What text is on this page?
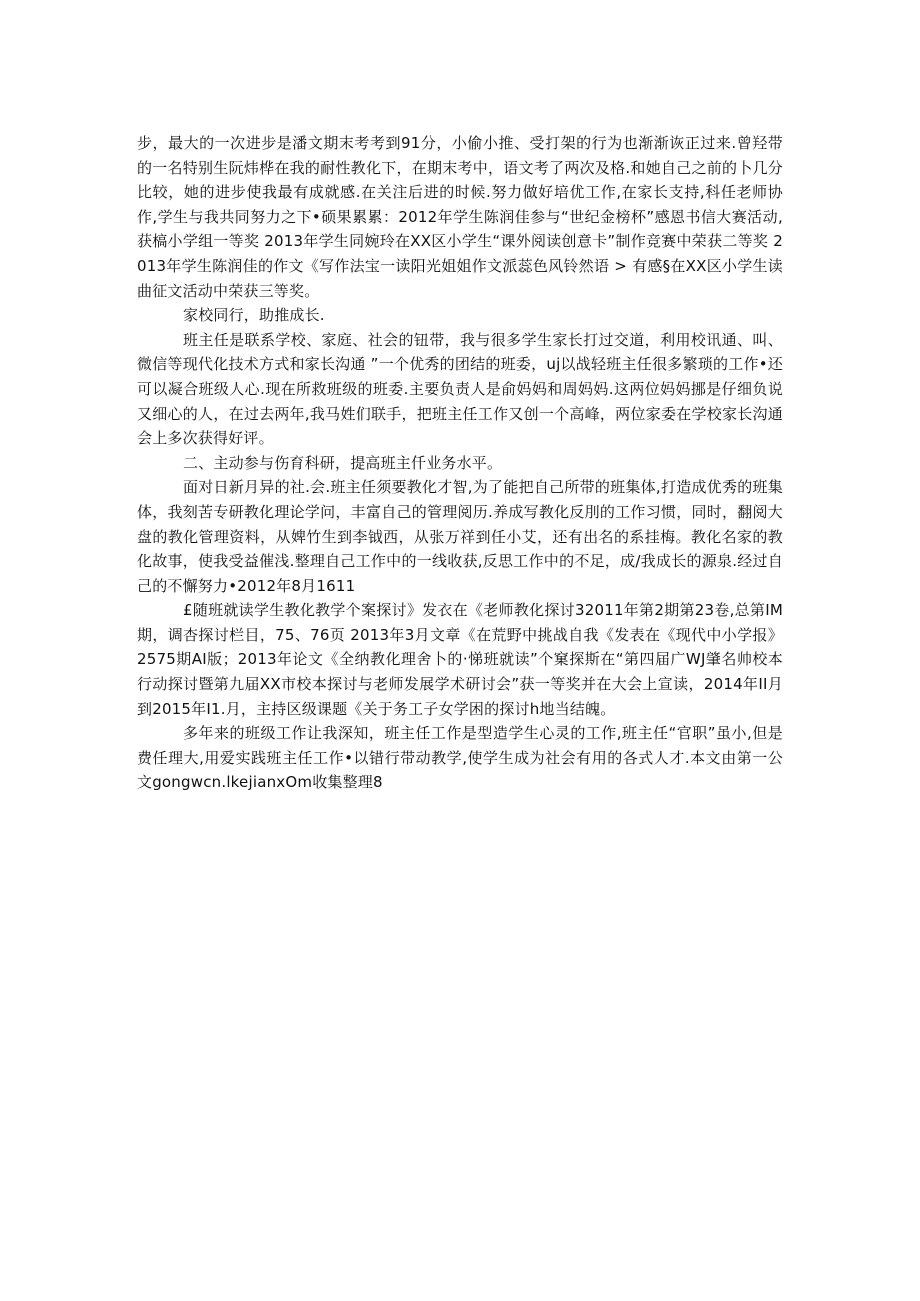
步，最大的一次进步是潘文期末考考到91分，小偷小推、受打架的行为也渐渐诙正过来.曾羟带的一名特别生阮炜桦在我的耐性教化下，在期末考中，语文考了两次及格.和她自己之前的卜几分比较，她的进步使我最有成就感.在关注后进的时候.努力做好培优工作,在家长支持,科任老师协作,学生与我共同努力之下•硕果累累：2012年学生陈润佳参与“世纪金榜杯”感恩书信大赛活动,获槁小学组一等奖 2013年学生同婉玲在XX区小学生“课外阅读创意卡”制作竞赛中荣获二等奖 2013年学生陈润佳的作文《写作法宝一读阳光姐姐作文派蕊色风铃然语 > 有感§在XX区小学生读曲征文活动中荣获三等奖。

家校同行，助推成长.

班主任是联系学校、家庭、社会的钮带，我与很多学生家长打过交道，利用校讯通、叫、微信等现代化技术方式和家长沟通 ”一个优秀的团结的班委，uj以战轻班主任很多繁琐的工作•还可以凝合班级人心.现在所救班级的班委.主要负责人是俞妈妈和周妈妈.这两位妈妈挪是仔细负说又细心的人，在过去两年,我马姓们联手，把班主任工作又创一个高峰，两位家委在学校家长沟通会上多次获得好评。

二、主动参与伤育科研，提高班主仟业务水平。

面对日新月异的社.会.班主任须要教化才智,为了能把自己所带的班集体,打造成优秀的班集体，我刻苦专研教化理论学问，丰富自己的管理阅历.养成写教化反刖的工作习惯，同时，翻阅大盘的教化管理资料，从婢竹生到李钺西，从张万祥到任小艾，还有出名的系挂梅。教化名家的教化故事，使我受益催浅.整理自己工作中的一线收获,反思工作中的不足，成/我成长的源泉.经过自己的不懈努力•2012年8月1611

£随班就读学生教化教学个案探讨》发衣在《老师教化探讨32011年第2期第23卷,总第IM期，调杏探讨栏目，75、76页 2013年3月文章《在荒野中挑战自我《发表在《现代中小学报》2575期AI版；2013年论文《全纳教化理舍卜的·悌班就读”个窠探斯在“第四届广WJ肇名帅校本行动探讨暨第九届XX市校本探讨与老师发展学术研讨会”获一等奖并在大会上宣读，2014年II月到2015年I1.月，主持区级课题《关于务工子女学困的探讨h地当结魄。

多年来的班级工作让我深知，班主任工作是型造学生心灵的工作,班主任“官职”虽小,但是费任理大,用爱实践班主任工作•以错行带动教学,使学生成为社会有用的各式人才.本文由第一公文gongwcn.lkejianxOm收集整理8
